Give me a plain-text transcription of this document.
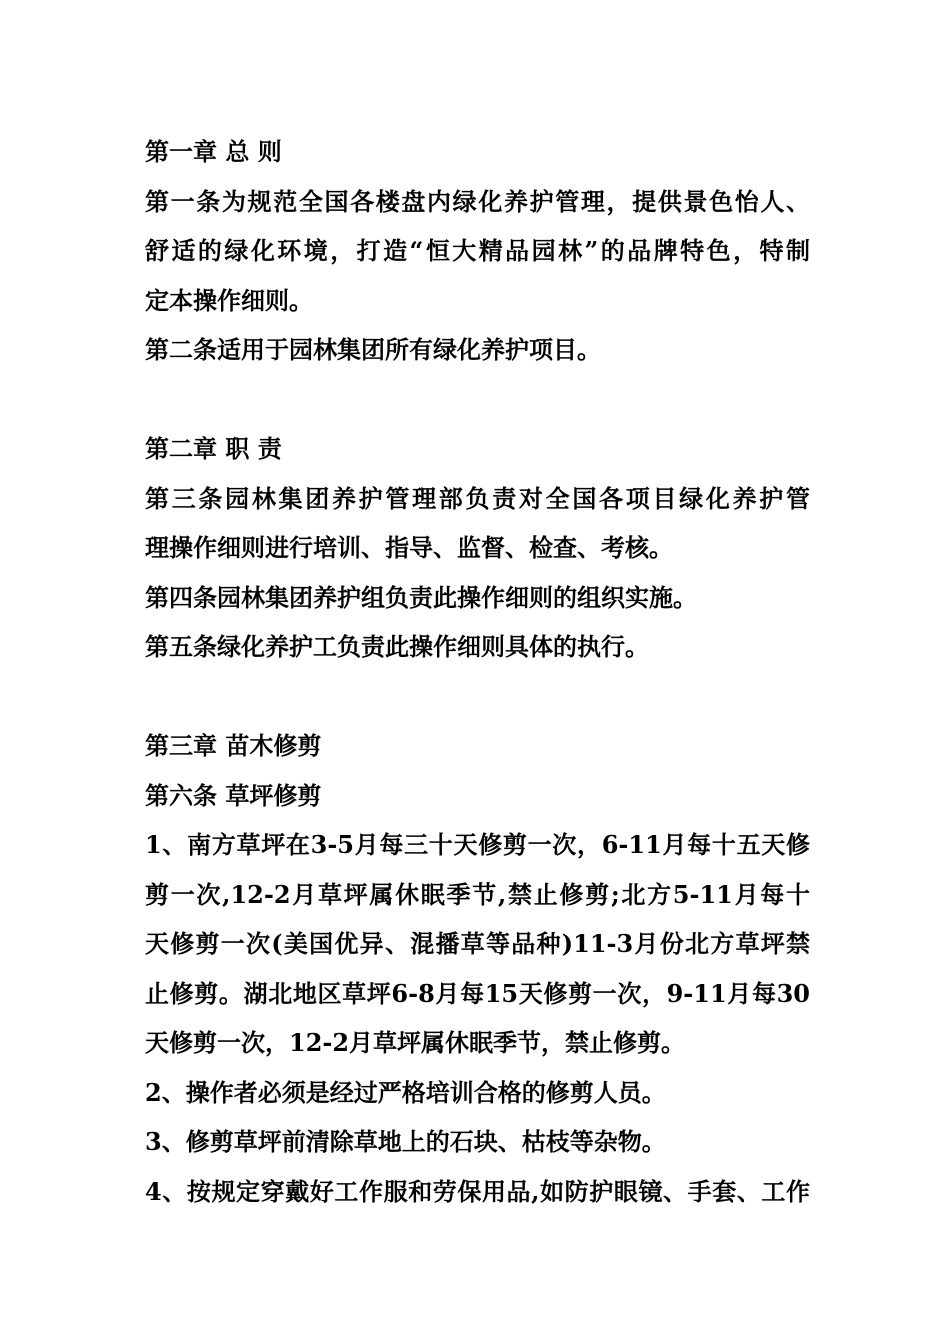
第一章 总 则
第一条为规范全国各楼盘内绿化养护管理，提供景色怡人、
舒适的绿化环境，打造“恒大精品园林”的品牌特色，特制
定本操作细则。
第二条适用于园林集团所有绿化养护项目。
第二章 职 责
第三条园林集团养护管理部负责对全国各项目绿化养护管
理操作细则进行培训、指导、监督、检查、考核。
第四条园林集团养护组负责此操作细则的组织实施。
第五条绿化养护工负责此操作细则具体的执行。
第三章 苗木修剪
第六条 草坪修剪
1、南方草坪在3-5月每三十天修剪一次，6-11月每十五天修
剪一次,12-2月草坪属休眠季节,禁止修剪;北方5-11月每十
天修剪一次(美国优异、混播草等品种)11-3月份北方草坪禁
止修剪。湖北地区草坪6-8月每15天修剪一次，9-11月每30
天修剪一次，12-2月草坪属休眠季节，禁止修剪。
2、操作者必须是经过严格培训合格的修剪人员。
3、修剪草坪前清除草地上的石块、枯枝等杂物。
4、按规定穿戴好工作服和劳保用品,如防护眼镜、手套、工作
